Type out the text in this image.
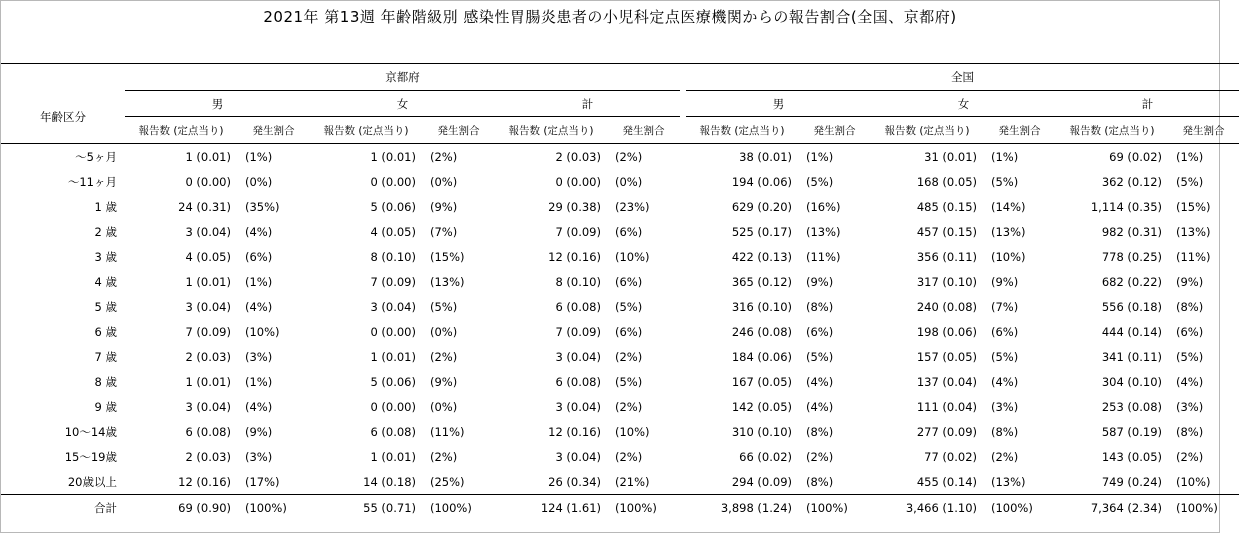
2021年 第13週 年齢階級別 感染性胃腸炎患者の小児科定点医療機関からの報告割合(全国、京都府)
	京都府							全国					
年齢区分	男		女		計			男		女		計	
	報告数 (定点当り)	発生割合	報告数 (定点当り)	発生割合	報告数 (定点当り)	発生割合		報告数 (定点当り)	発生割合	報告数 (定点当り)	発生割合	報告数 (定点当り)	発生割合
～5ヶ月	1 (0.01)	(1%)	1 (0.01)	(2%)	2 (0.03)	(2%)		38 (0.01)	(1%)	31 (0.01)	(1%)	69 (0.02)	(1%)
～11ヶ月	0 (0.00)	(0%)	0 (0.00)	(0%)	0 (0.00)	(0%)		194 (0.06)	(5%)	168 (0.05)	(5%)	362 (0.12)	(5%)
1 歳	24 (0.31)	(35%)	5 (0.06)	(9%)	29 (0.38)	(23%)		629 (0.20)	(16%)	485 (0.15)	(14%)	1,114 (0.35)	(15%)
2 歳	3 (0.04)	(4%)	4 (0.05)	(7%)	7 (0.09)	(6%)		525 (0.17)	(13%)	457 (0.15)	(13%)	982 (0.31)	(13%)
3 歳	4 (0.05)	(6%)	8 (0.10)	(15%)	12 (0.16)	(10%)		422 (0.13)	(11%)	356 (0.11)	(10%)	778 (0.25)	(11%)
4 歳	1 (0.01)	(1%)	7 (0.09)	(13%)	8 (0.10)	(6%)		365 (0.12)	(9%)	317 (0.10)	(9%)	682 (0.22)	(9%)
5 歳	3 (0.04)	(4%)	3 (0.04)	(5%)	6 (0.08)	(5%)		316 (0.10)	(8%)	240 (0.08)	(7%)	556 (0.18)	(8%)
6 歳	7 (0.09)	(10%)	0 (0.00)	(0%)	7 (0.09)	(6%)		246 (0.08)	(6%)	198 (0.06)	(6%)	444 (0.14)	(6%)
7 歳	2 (0.03)	(3%)	1 (0.01)	(2%)	3 (0.04)	(2%)		184 (0.06)	(5%)	157 (0.05)	(5%)	341 (0.11)	(5%)
8 歳	1 (0.01)	(1%)	5 (0.06)	(9%)	6 (0.08)	(5%)		167 (0.05)	(4%)	137 (0.04)	(4%)	304 (0.10)	(4%)
9 歳	3 (0.04)	(4%)	0 (0.00)	(0%)	3 (0.04)	(2%)		142 (0.05)	(4%)	111 (0.04)	(3%)	253 (0.08)	(3%)
10～14歳	6 (0.08)	(9%)	6 (0.08)	(11%)	12 (0.16)	(10%)		310 (0.10)	(8%)	277 (0.09)	(8%)	587 (0.19)	(8%)
15～19歳	2 (0.03)	(3%)	1 (0.01)	(2%)	3 (0.04)	(2%)		66 (0.02)	(2%)	77 (0.02)	(2%)	143 (0.05)	(2%)
20歳以上	12 (0.16)	(17%)	14 (0.18)	(25%)	26 (0.34)	(21%)		294 (0.09)	(8%)	455 (0.14)	(13%)	749 (0.24)	(10%)
合計	69 (0.90)	(100%)	55 (0.71)	(100%)	124 (1.61)	(100%)		3,898 (1.24)	(100%)	3,466 (1.10)	(100%)	7,364 (2.34)	(100%)
